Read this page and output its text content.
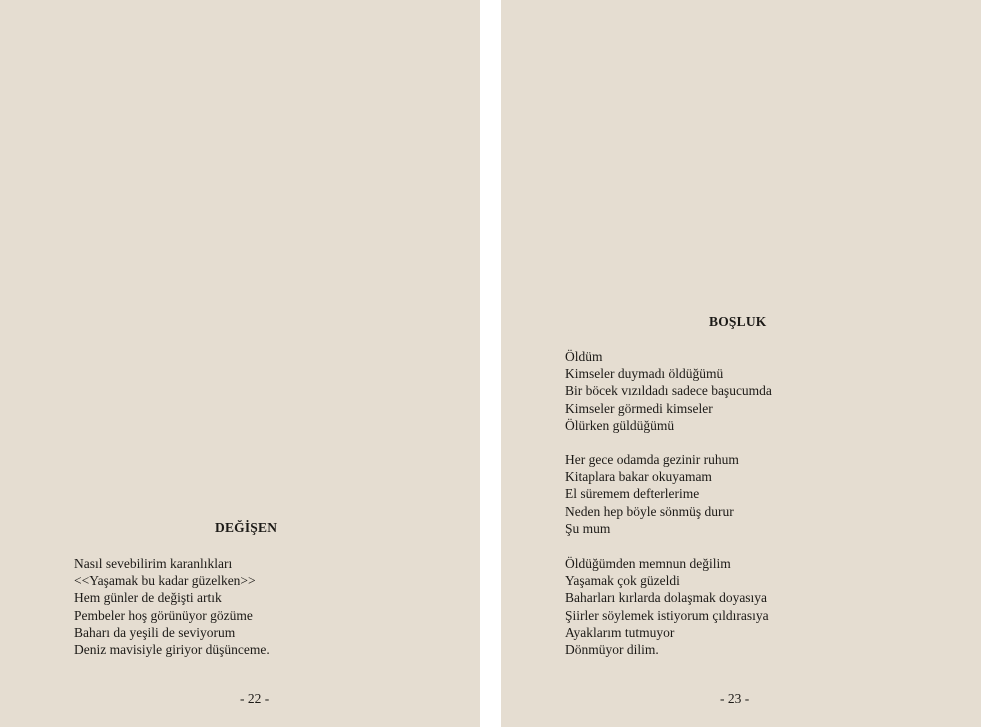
DEĞİŞEN
Nasıl sevebilirim karanlıkları
<<Yaşamak bu kadar güzelken>>
Hem günler de değişti artık
Pembeler hoş görünüyor gözüme
Baharı da yeşili de seviyorum
Deniz mavisiyle giriyor düşünceme.
- 22 -
BOŞLUK
Öldüm
Kimseler duymadı öldüğümü
Bir böcek vızıldadı sadece başucumda
Kimseler görmedi kimseler
Ölürken güldüğümü
Her gece odamda gezinir ruhum
Kitaplara bakar okuyamam
El süremem defterlerime
Neden hep böyle sönmüş durur
Şu mum
Öldüğümden memnun değilim
Yaşamak çok güzeldi
Baharları kırlarda dolaşmak doyasıya
Şiirler söylemek istiyorum çıldırasıya
Ayaklarım tutmuyor
Dönmüyor dilim.
- 23 -
